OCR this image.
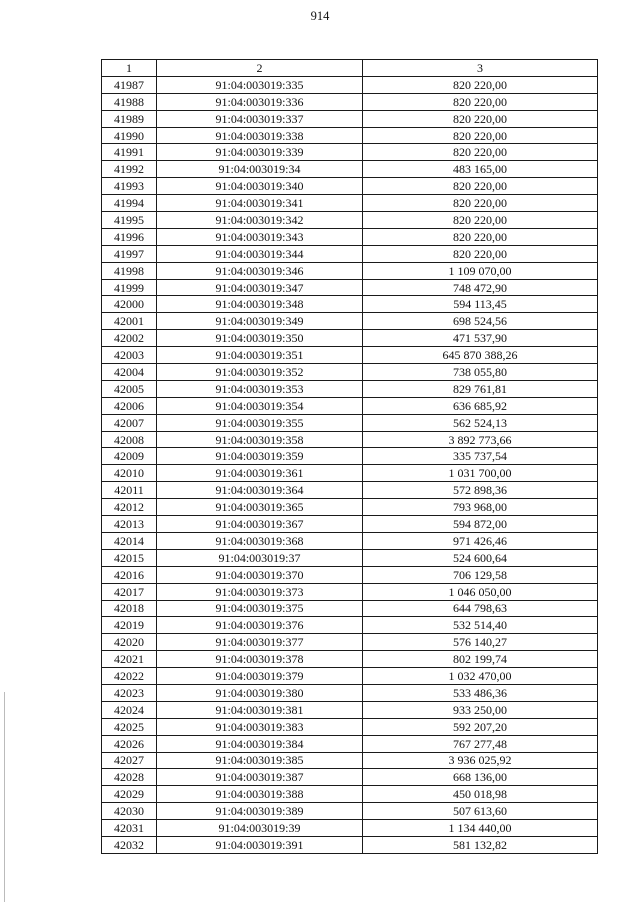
914
1	2	3
41987	91:04:003019:335	820 220,00
41988	91:04:003019:336	820 220,00
41989	91:04:003019:337	820 220,00
41990	91:04:003019:338	820 220,00
41991	91:04:003019:339	820 220,00
41992	91:04:003019:34	483 165,00
41993	91:04:003019:340	820 220,00
41994	91:04:003019:341	820 220,00
41995	91:04:003019:342	820 220,00
41996	91:04:003019:343	820 220,00
41997	91:04:003019:344	820 220,00
41998	91:04:003019:346	1 109 070,00
41999	91:04:003019:347	748 472,90
42000	91:04:003019:348	594 113,45
42001	91:04:003019:349	698 524,56
42002	91:04:003019:350	471 537,90
42003	91:04:003019:351	645 870 388,26
42004	91:04:003019:352	738 055,80
42005	91:04:003019:353	829 761,81
42006	91:04:003019:354	636 685,92
42007	91:04:003019:355	562 524,13
42008	91:04:003019:358	3 892 773,66
42009	91:04:003019:359	335 737,54
42010	91:04:003019:361	1 031 700,00
42011	91:04:003019:364	572 898,36
42012	91:04:003019:365	793 968,00
42013	91:04:003019:367	594 872,00
42014	91:04:003019:368	971 426,46
42015	91:04:003019:37	524 600,64
42016	91:04:003019:370	706 129,58
42017	91:04:003019:373	1 046 050,00
42018	91:04:003019:375	644 798,63
42019	91:04:003019:376	532 514,40
42020	91:04:003019:377	576 140,27
42021	91:04:003019:378	802 199,74
42022	91:04:003019:379	1 032 470,00
42023	91:04:003019:380	533 486,36
42024	91:04:003019:381	933 250,00
42025	91:04:003019:383	592 207,20
42026	91:04:003019:384	767 277,48
42027	91:04:003019:385	3 936 025,92
42028	91:04:003019:387	668 136,00
42029	91:04:003019:388	450 018,98
42030	91:04:003019:389	507 613,60
42031	91:04:003019:39	1 134 440,00
42032	91:04:003019:391	581 132,82
